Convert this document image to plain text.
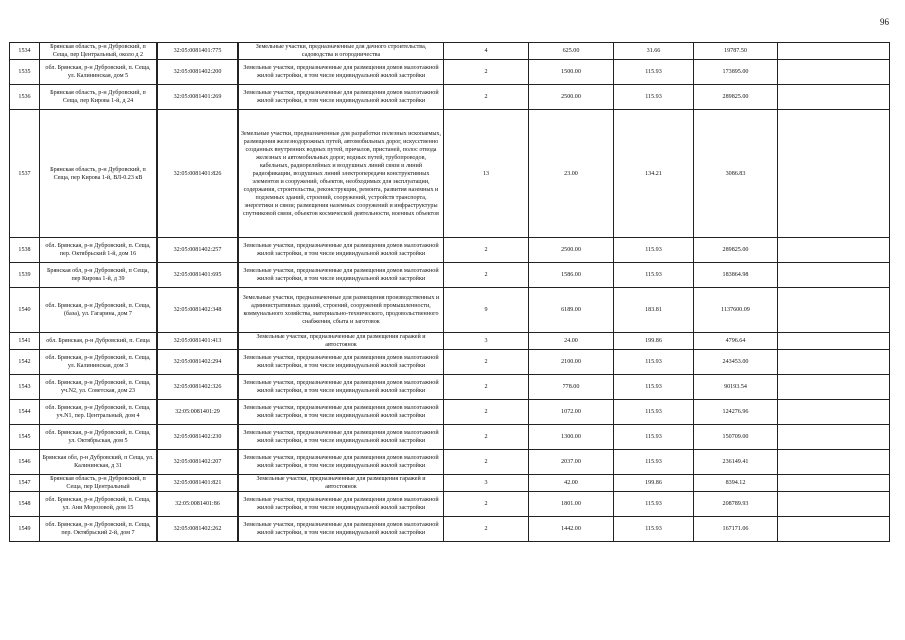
96
1534	Брянская область, р-н Дубровский, п Сеща, пер Центральный, около д 2		32:05:0081401:775		Земельные участки, предназначенные для дачного строительства, садоводства и огородничества	4	625.00	31.66	19787.50	
1535	обл. Брянская, р-н Дубровский, п. Сеща, ул. Калининская, дом 5		32:05:0081402:200		Земельные участки, предназначенные для размещения домов малоэтажной жилой застройки, в том числе индивидуальной жилой застройки	2	1500.00	115.93	173895.00	
1536	Брянская область, р-н Дубровский, п Сеща, пер Кирова 1-й, д 24		32:05:0081401:269		Земельные участки, предназначенные для размещения домов малоэтажной жилой застройки, в том числе индивидуальной жилой застройки	2	2500.00	115.93	289825.00	
1537	Брянская область, р-н Дубровский, п Сеща, пер Кирова 1-й, ВЛ-0.23 кВ		32:05:0081401:826		Земельные участки, предназначенные для разработки полезных ископаемых, размещения железнодорожных путей, автомобильных дорог, искусственно созданных внутренних водных путей, причалов, пристаней, полос отвода железных и автомобильных дорог, водных путей, трубопроводов, кабельных, радиорелейных и воздушных линий связи и линий радиофикации, воздушных линий электропередачи конструктивных элементов и сооружений, объектов, необходимых для эксплуатации, содержания, строительства, реконструкции, ремонта, развития наземных и подземных зданий, строений, сооружений, устройств транспорта, энергетики и связи; размещения наземных сооружений и инфраструктуры спутниковой связи, объектов космической деятельности, военных объектов	13	23.00	134.21	3086.83	
1538	обл. Брянская, р-н Дубровский, п. Сеща, пер. Октябрьский 1-й, дом 16		32:05:0081402:257		Земельные участки, предназначенные для размещения домов малоэтажной жилой застройки, в том числе индивидуальной жилой застройки	2	2500.00	115.93	289825.00	
1539	Брянская обл, р-н Дубровский, п Сеща, пер Кирова 1-й, д 39		32:05:0081401:695		Земельные участки, предназначенные для размещения домов малоэтажной жилой застройки, в том числе индивидуальной жилой застройки	2	1586.00	115.93	183864.98	
1540	обл. Брянская, р-н Дубровский, п. Сеща, (база), ул. Гагарина, дом 7		32:05:0081402:348		Земельные участки, предназначенные для размещения производственных и административных зданий, строений, сооружений промышленности, коммунального хозяйства, материально-технического, продовольственного снабжения, сбыта и заготовок	9	6189.00	183.81	1137600.09	
1541	обл. Брянская, р-н Дубровский, п. Сеща		32:05:0081401:413		Земельные участки, предназначенные для размещения гаражей и автостоянок	3	24.00	199.86	4796.64	
1542	обл. Брянская, р-н Дубровский, п. Сеща, ул. Калининская, дом 3		32:05:0081402:294		Земельные участки, предназначенные для размещения домов малоэтажной жилой застройки, в том числе индивидуальной жилой застройки	2	2100.00	115.93	243453.00	
1543	обл. Брянская, р-н Дубровский, п. Сеща, уч.N2, ул. Советская, дом 23		32:05:0081402:326		Земельные участки, предназначенные для размещения домов малоэтажной жилой застройки, в том числе индивидуальной жилой застройки	2	778.00	115.93	90193.54	
1544	обл. Брянская, р-н Дубровский, п. Сеща, уч.N1, пер. Центральный, дом 4		32:05:0081401:29		Земельные участки, предназначенные для размещения домов малоэтажной жилой застройки, в том числе индивидуальной жилой застройки	2	1072.00	115.93	124276.96	
1545	обл. Брянская, р-н Дубровский, п. Сеща, ул. Октябрьская, дом 5		32:05:0081402:230		Земельные участки, предназначенные для размещения домов малоэтажной жилой застройки, в том числе индивидуальной жилой застройки	2	1300.00	115.93	150709.00	
1546	Брянская обл, р-н Дубровский, п Сеща, ул. Калининская, д 31		32:05:0081402:207		Земельные участки, предназначенные для размещения домов малоэтажной жилой застройки, в том числе индивидуальной жилой застройки	2	2037.00	115.93	236149.41	
1547	Брянская область, р-н Дубровский, п Сеща, пер Центральный		32:05:0081401:821		Земельные участки, предназначенные для размещения гаражей и автостоянок	3	42.00	199.86	8394.12	
1548	обл. Брянская, р-н Дубровский, п. Сеща, ул. Ани Морозовой, дом 15		32:05:0081401:86		Земельные участки, предназначенные для размещения домов малоэтажной жилой застройки, в том числе индивидуальной жилой застройки	2	1801.00	115.93	208789.93	
1549	обл. Брянская, р-н Дубровский, п. Сеща, пер. Октябрьский 2-й, дом 7		32:05:0081402:262		Земельные участки, предназначенные для размещения домов малоэтажной жилой застройки, в том числе индивидуальной жилой застройки	2	1442.00	115.93	167171.06	
